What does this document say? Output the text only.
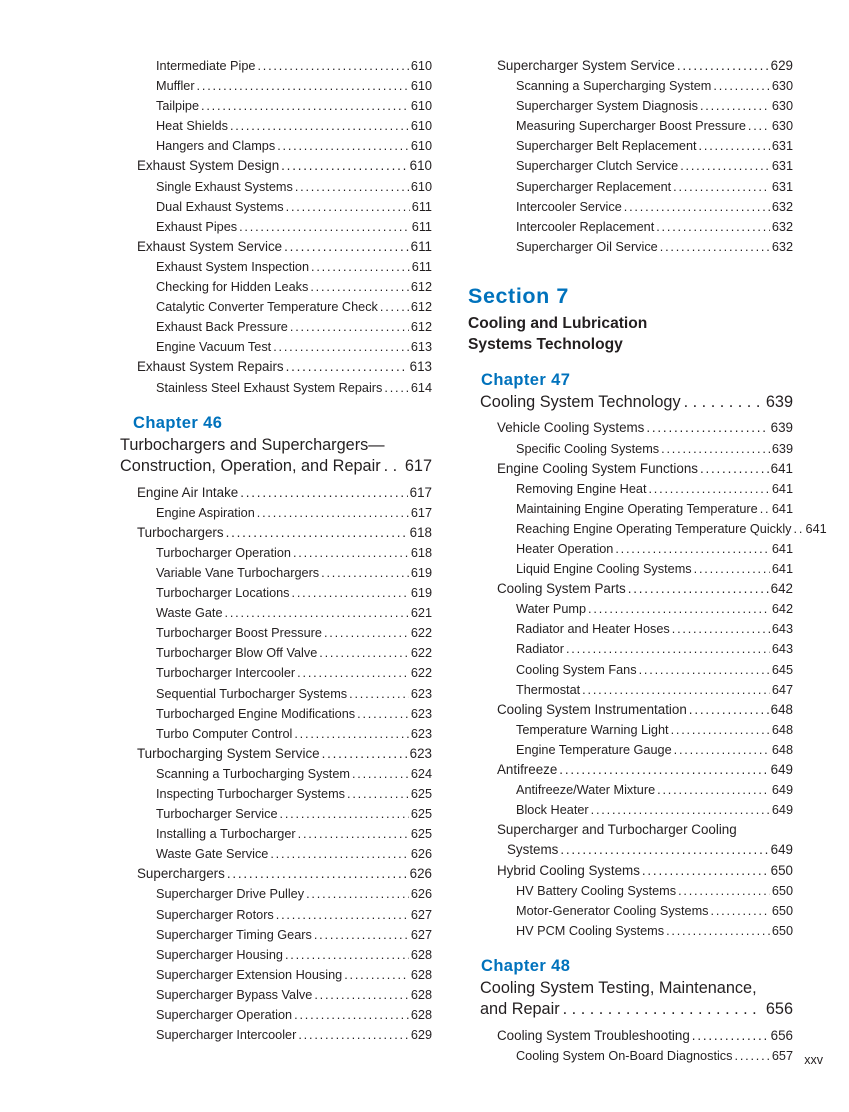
Intermediate Pipe .....	610
Muffler .....	610
Tailpipe .....	610
Heat Shields .....	610
Hangers and Clamps .....	610
Exhaust System Design .....	610
Single Exhaust Systems .....	610
Dual Exhaust Systems .....	611
Exhaust Pipes .....	611
Exhaust System Service .....	611
Exhaust System Inspection .....	611
Checking for Hidden Leaks .....	612
Catalytic Converter Temperature Check .....	612
Exhaust Back Pressure .....	612
Engine Vacuum Test .....	613
Exhaust System Repairs .....	613
Stainless Steel Exhaust System Repairs ..... 614
Chapter 46
Turbochargers and Superchargers—
Construction, Operation, and Repair ..... 617
Engine Air Intake .....	617
Engine Aspiration .....	617
Turbochargers .....	618
Turbocharger Operation .....	618
Variable Vane Turbochargers .....	619
Turbocharger Locations .....	619
Waste Gate .....	621
Turbocharger Boost Pressure .....	622
Turbocharger Blow Off Valve .....	622
Turbocharger Intercooler .....	622
Sequential Turbocharger Systems .....	623
Turbocharged Engine Modifications .....	623
Turbo Computer Control .....	623
Turbocharging System Service .....	623
Scanning a Turbocharging System .....	624
Inspecting Turbocharger Systems .....	625
Turbocharger Service .....	625
Installing a Turbocharger .....	625
Waste Gate Service .....	626
Superchargers .....	626
Supercharger Drive Pulley .....	626
Supercharger Rotors .....	627
Supercharger Timing Gears .....	627
Supercharger Housing .....	628
Supercharger Extension Housing .....	628
Supercharger Bypass Valve .....	628
Supercharger Operation .....	628
Supercharger Intercooler .....	629
Supercharger System Service .....	629
Scanning a Supercharging System .....	630
Supercharger System Diagnosis .....	630
Measuring Supercharger Boost Pressure ..... 630
Supercharger Belt Replacement .....	631
Supercharger Clutch Service .....	631
Supercharger Replacement .....	631
Intercooler Service .....	632
Intercooler Replacement .....	632
Supercharger Oil Service .....	632
Section 7
Cooling and Lubrication
Systems Technology
Chapter 47
Cooling System Technology .....	639
Vehicle Cooling Systems .....	639
Specific Cooling Systems .....	639
Engine Cooling System Functions .....	641
Removing Engine Heat .....	641
Maintaining Engine Operating Temperature ..... 641
Reaching Engine Operating Temperature Quickly ..... 641
Heater Operation .....	641
Liquid Engine Cooling Systems .....	641
Cooling System Parts .....	642
Water Pump .....	642
Radiator and Heater Hoses .....	643
Radiator .....	643
Cooling System Fans .....	645
Thermostat .....	647
Cooling System Instrumentation .....	648
Temperature Warning Light .....	648
Engine Temperature Gauge .....	648
Antifreeze .....	649
Antifreeze/Water Mixture .....	649
Block Heater .....	649
Supercharger and Turbocharger Cooling
Systems .....	649
Hybrid Cooling Systems .....	650
HV Battery Cooling Systems .....	650
Motor-Generator Cooling Systems .....	650
HV PCM Cooling Systems .....	650
Chapter 48
Cooling System Testing, Maintenance,
and Repair .....	656
Cooling System Troubleshooting .....	656
Cooling System On-Board Diagnostics .....	657 xxv
